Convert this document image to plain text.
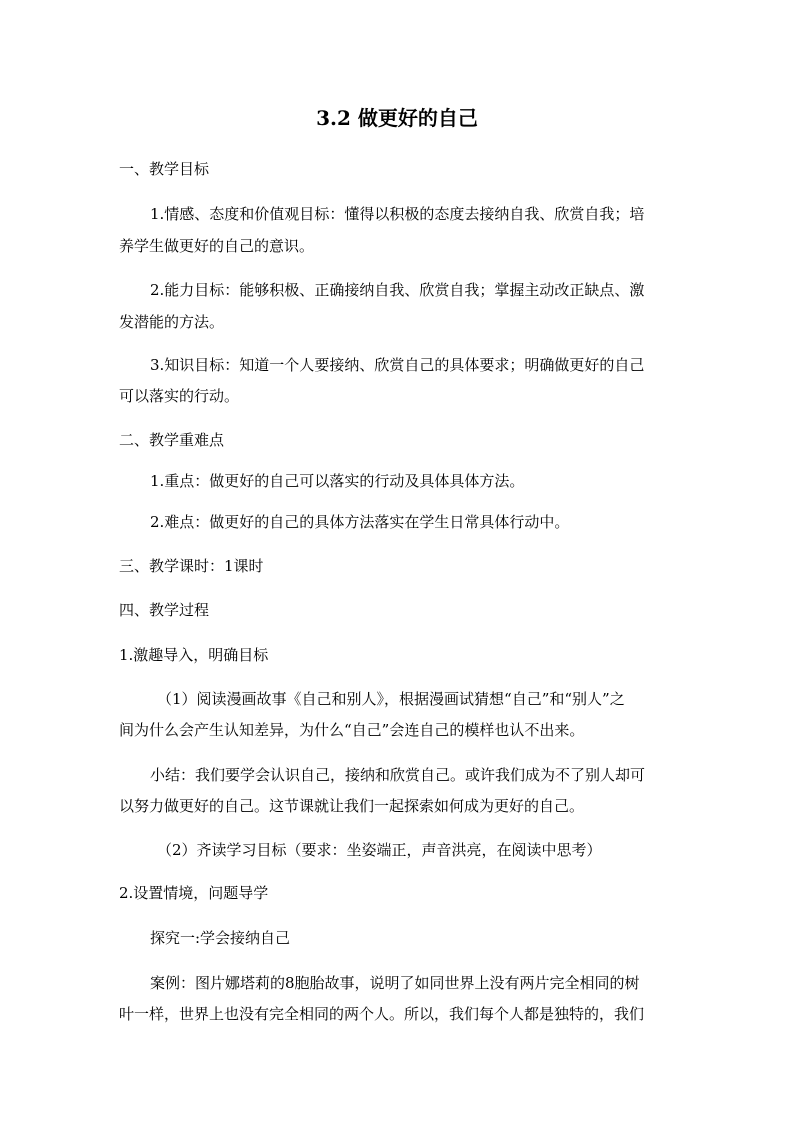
3.2 做更好的自己
一、教学目标
1.情感、态度和价值观目标：懂得以积极的态度去接纳自我、欣赏自我；培
养学生做更好的自己的意识。
2.能力目标：能够积极、正确接纳自我、欣赏自我；掌握主动改正缺点、激
发潜能的方法。
3.知识目标：知道一个人要接纳、欣赏自己的具体要求；明确做更好的自己
可以落实的行动。
二、教学重难点
1.重点：做更好的自己可以落实的行动及具体具体方法。
2.难点：做更好的自己的具体方法落实在学生日常具体行动中。
三、教学课时：1课时
四、教学过程
1.激趣导入，明确目标
（1）阅读漫画故事《自己和别人》，根据漫画试猜想“自己”和“别人”之
间为什么会产生认知差异，为什么“自己”会连自己的模样也认不出来。
小结：我们要学会认识自己，接纳和欣赏自己。或许我们成为不了别人却可
以努力做更好的自己。这节课就让我们一起探索如何成为更好的自己。
（2）齐读学习目标（要求：坐姿端正，声音洪亮，在阅读中思考）
2.设置情境，问题导学
探究一:学会接纳自己
案例：图片娜塔莉的8胞胎故事，说明了如同世界上没有两片完全相同的树
叶一样，世界上也没有完全相同的两个人。所以，我们每个人都是独特的，我们
